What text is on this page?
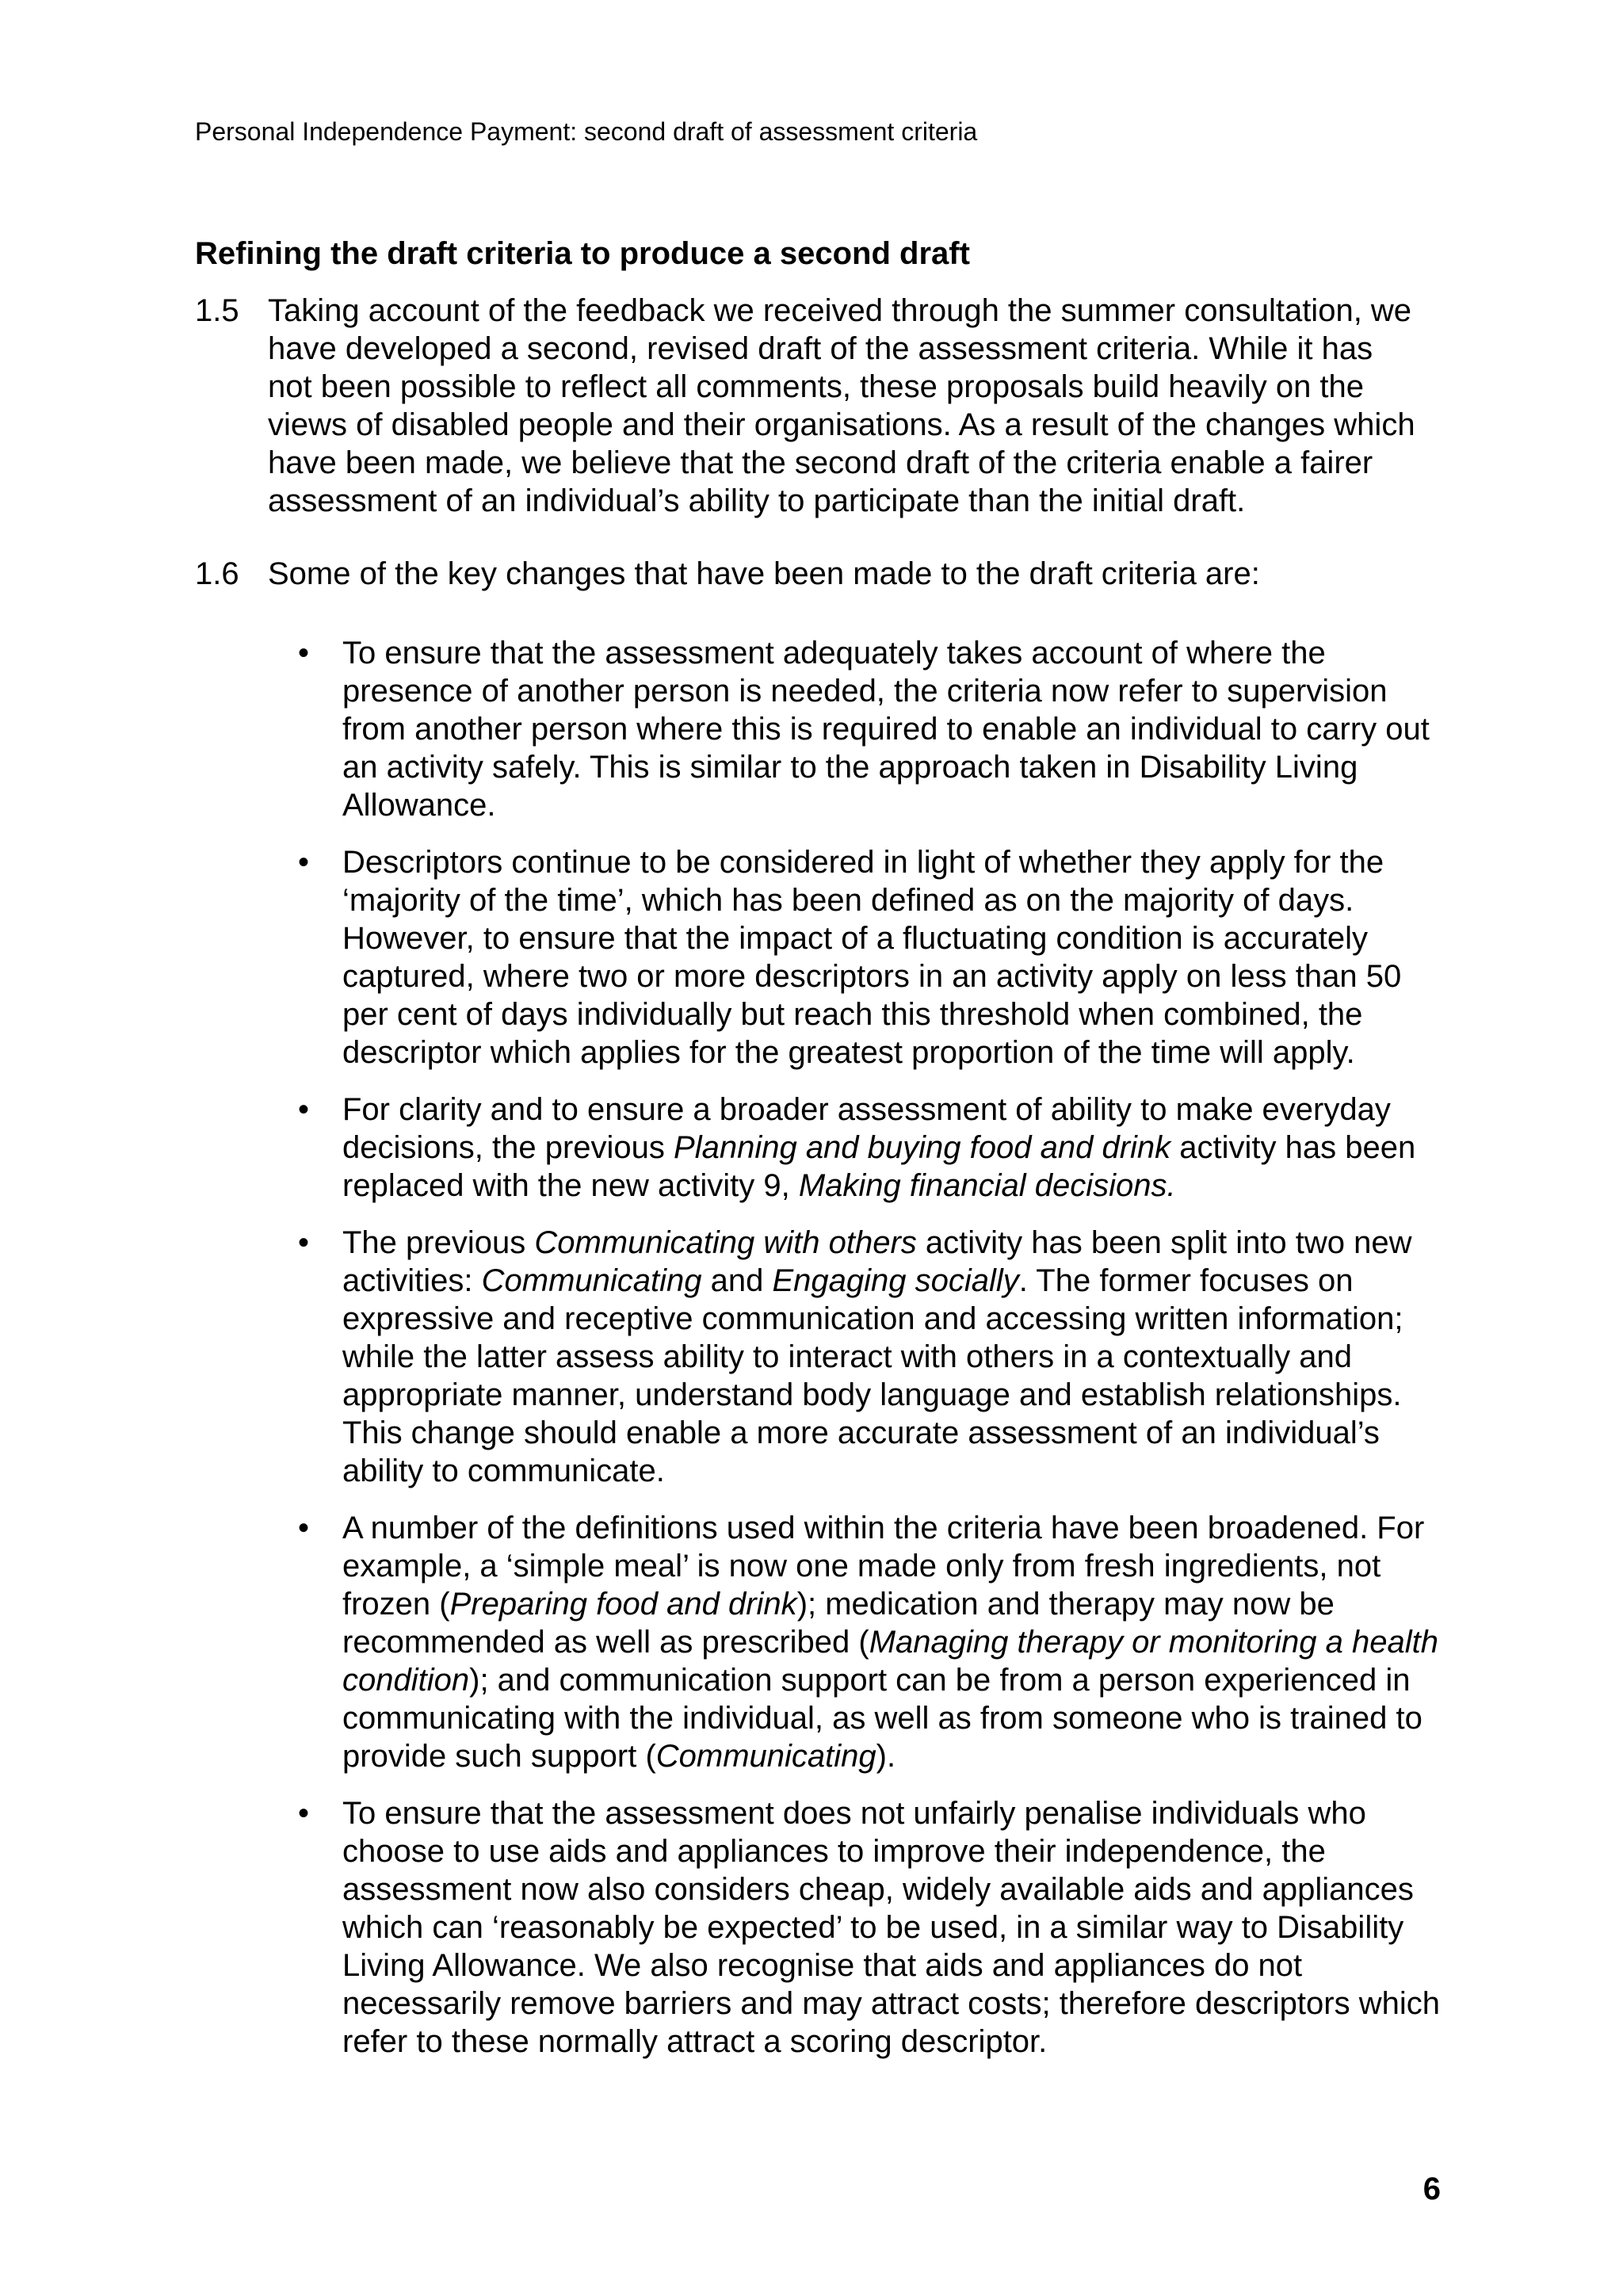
Personal Independence Payment: second draft of assessment criteria
Refining the draft criteria to produce a second draft
1.5 Taking account of the feedback we received through the summer consultation, we have developed a second, revised draft of the assessment criteria. While it has not been possible to reflect all comments, these proposals build heavily on the views of disabled people and their organisations. As a result of the changes which have been made, we believe that the second draft of the criteria enable a fairer assessment of an individual’s ability to participate than the initial draft.
1.6 Some of the key changes that have been made to the draft criteria are:
• To ensure that the assessment adequately takes account of where the presence of another person is needed, the criteria now refer to supervision from another person where this is required to enable an individual to carry out an activity safely. This is similar to the approach taken in Disability Living Allowance.
• Descriptors continue to be considered in light of whether they apply for the ‘majority of the time’, which has been defined as on the majority of days. However, to ensure that the impact of a fluctuating condition is accurately captured, where two or more descriptors in an activity apply on less than 50 per cent of days individually but reach this threshold when combined, the descriptor which applies for the greatest proportion of the time will apply.
• For clarity and to ensure a broader assessment of ability to make everyday decisions, the previous Planning and buying food and drink activity has been replaced with the new activity 9, Making financial decisions.
• The previous Communicating with others activity has been split into two new activities: Communicating and Engaging socially. The former focuses on expressive and receptive communication and accessing written information; while the latter assess ability to interact with others in a contextually and appropriate manner, understand body language and establish relationships. This change should enable a more accurate assessment of an individual’s ability to communicate.
• A number of the definitions used within the criteria have been broadened. For example, a ‘simple meal’ is now one made only from fresh ingredients, not frozen (Preparing food and drink); medication and therapy may now be recommended as well as prescribed (Managing therapy or monitoring a health condition); and communication support can be from a person experienced in communicating with the individual, as well as from someone who is trained to provide such support (Communicating).
• To ensure that the assessment does not unfairly penalise individuals who choose to use aids and appliances to improve their independence, the assessment now also considers cheap, widely available aids and appliances which can ‘reasonably be expected’ to be used, in a similar way to Disability Living Allowance. We also recognise that aids and appliances do not necessarily remove barriers and may attract costs; therefore descriptors which refer to these normally attract a scoring descriptor.
6
